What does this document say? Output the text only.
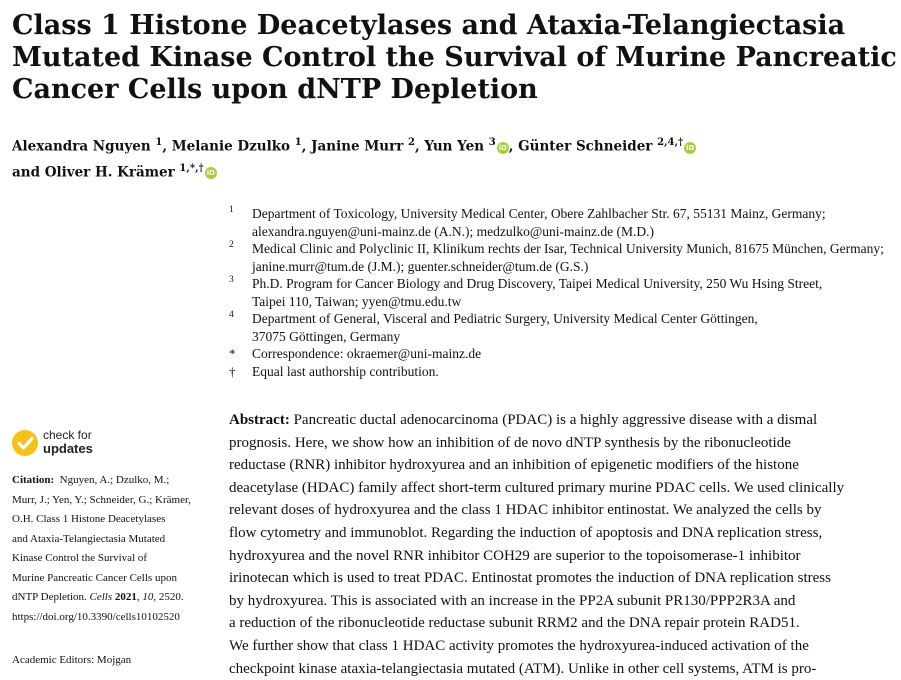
Class 1 Histone Deacetylases and Ataxia-Telangiectasia
Mutated Kinase Control the Survival of Murine Pancreatic
Cancer Cells upon dNTP Depletion
Alexandra Nguyen $^1$, Melanie Dzulko $^1$, Janine Murr $^2$, Yun Yen $^3$ iD , Günter Schneider $^{2,4,\dagger}$ iD
and Oliver H. Krämer $^{1,*,\dagger}$ iD
1 Department of Toxicology, University Medical Center, Obere Zahlbacher Str. 67, 55131 Mainz, Germany;
alexandra.nguyen@uni-mainz.de (A.N.); medzulko@uni-mainz.de (M.D.)
2 Medical Clinic and Polyclinic II, Klinikum rechts der Isar, Technical University Munich, 81675 München, Germany;
janine.murr@tum.de (J.M.); guenter.schneider@tum.de (G.S.)
3 Ph.D. Program for Cancer Biology and Drug Discovery, Taipei Medical University, 250 Wu Hsing Street,
Taipei 110, Taiwan; yyen@tmu.edu.tw
4 Department of General, Visceral and Pediatric Surgery, University Medical Center Göttingen,
37075 Göttingen, Germany
* Correspondence: okraemer@uni-mainz.de
† Equal last authorship contribution.
check for
updates
Citation: Nguyen, A.; Dzulko, M.;
Murr, J.; Yen, Y.; Schneider, G.; Krämer,
O.H. Class 1 Histone Deacetylases
and Ataxia-Telangiectasia Mutated
Kinase Control the Survival of
Murine Pancreatic Cancer Cells upon
dNTP Depletion. Cells 2021, 10, 2520.
https://doi.org/10.3390/cells10102520
Academic Editors: Mojgan
Abstract: Pancreatic ductal adenocarcinoma (PDAC) is a highly aggressive disease with a dismal
prognosis. Here, we show how an inhibition of de novo dNTP synthesis by the ribonucleotide
reductase (RNR) inhibitor hydroxyurea and an inhibition of epigenetic modifiers of the histone
deacetylase (HDAC) family affect short-term cultured primary murine PDAC cells. We used clinically
relevant doses of hydroxyurea and the class 1 HDAC inhibitor entinostat. We analyzed the cells by
flow cytometry and immunoblot. Regarding the induction of apoptosis and DNA replication stress,
hydroxyurea and the novel RNR inhibitor COH29 are superior to the topoisomerase-1 inhibitor
irinotecan which is used to treat PDAC. Entinostat promotes the induction of DNA replication stress
by hydroxyurea. This is associated with an increase in the PP2A subunit PR130/PPP2R3A and
a reduction of the ribonucleotide reductase subunit RRM2 and the DNA repair protein RAD51.
We further show that class 1 HDAC activity promotes the hydroxyurea-induced activation of the
checkpoint kinase ataxia-telangiectasia mutated (ATM). Unlike in other cell systems, ATM is pro-
